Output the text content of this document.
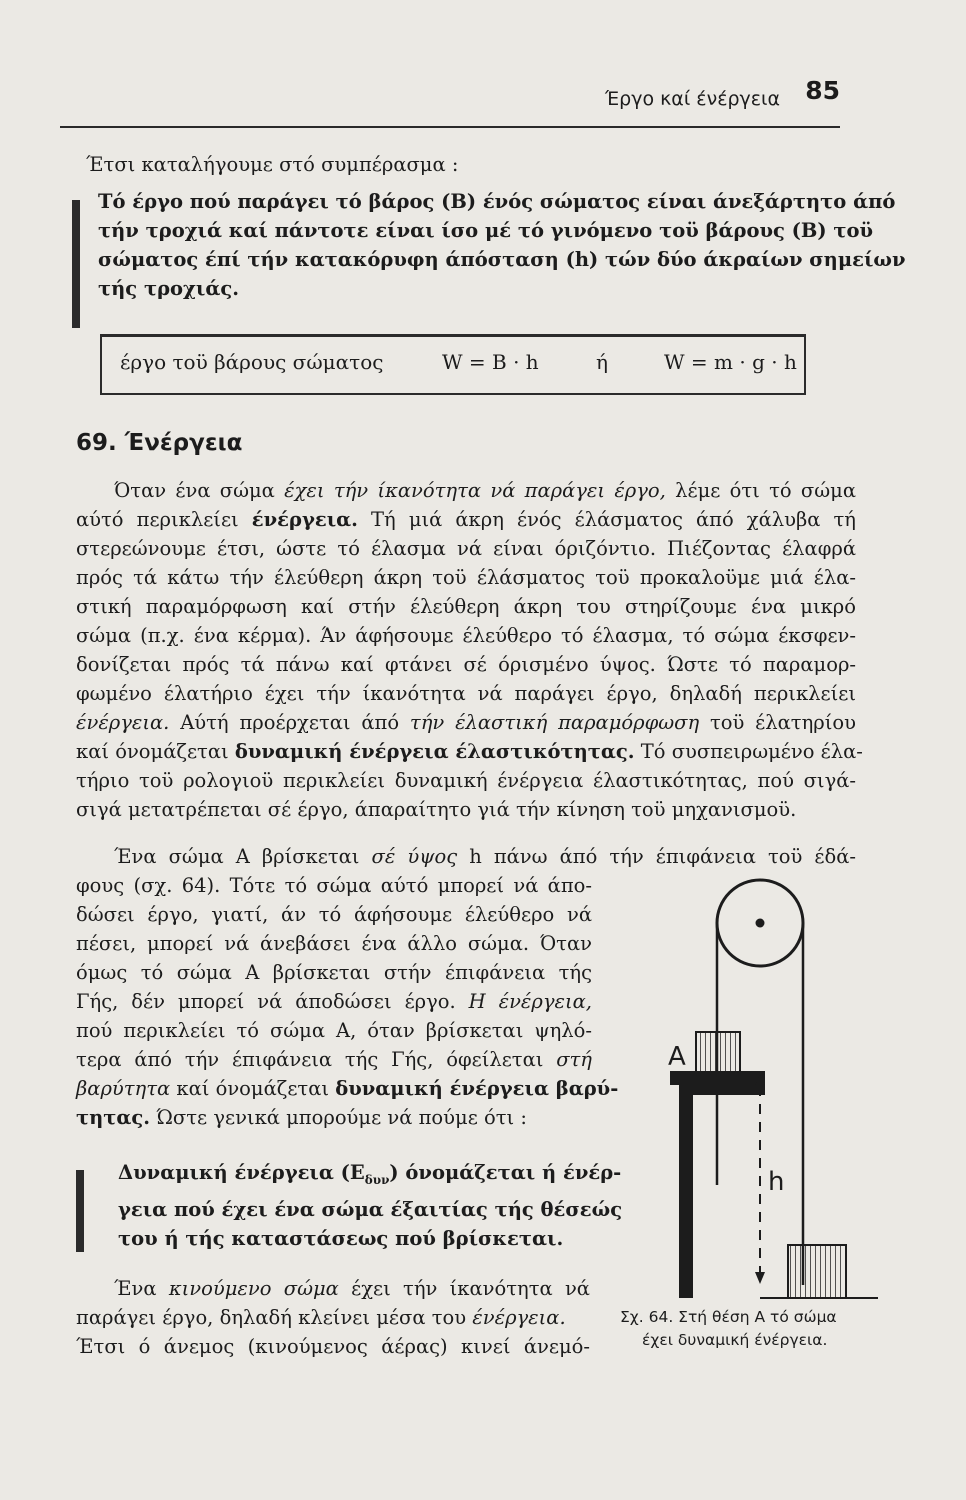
Έργο καί ένέργεια 85

Έτσι καταλήγουμε στό συμπέρασμα :

Τό έργο πού παράγει τό βάρος (Β) ένός σώματος είναι άνεξάρτητο άπό
τήν τροχιά καί πάντοτε είναι ίσο μέ τό γινόμενο τοϋ βάρους (Β) τοϋ
σώματος έπί τήν κατακόρυφη άπόσταση (h) τών δύο άκραίων σημείων
τής τροχιάς.
έργο τοϋ βάρους σώματος	W = B · h	ή	W = m · g · h
69. Ένέργεια
Όταν ένα σώμα έχει τήν ίκανότητα νά παράγει έργο, λέμε ότι τό σώμα
αύτό περικλείει ένέργεια. Τή μιά άκρη ένός έλάσματος άπό χάλυβα τή
στερεώνουμε έτσι, ώστε τό έλασμα νά είναι όριζόντιο. Πιέζοντας έλαφρά
πρός τά κάτω τήν έλεύθερη άκρη τοϋ έλάσματος τοϋ προκαλοϋμε μιά έλα-
στική παραμόρφωση καί στήν έλεύθερη άκρη του στηρίζουμε ένα μικρό
σώμα (π.χ. ένα κέρμα). Άν άφήσουμε έλεύθερο τό έλασμα, τό σώμα έκσφεν-
δονίζεται πρός τά πάνω καί φτάνει σέ όρισμένο ύψος. Ώστε τό παραμορ-
φωμένο έλατήριο έχει τήν ίκανότητα νά παράγει έργο, δηλαδή περικλείει
ένέργεια. Αύτή προέρχεται άπό τήν έλαστική παραμόρφωση τοϋ έλατηρίου
καί όνομάζεται δυναμική ένέργεια έλαστικότητας. Τό συσπειρωμένο έλα-
τήριο τοϋ ρολογιοϋ περικλείει δυναμική ένέργεια έλαστικότητας, πού σιγά-
σιγά μετατρέπεται σέ έργο, άπαραίτητο γιά τήν κίνηση τοϋ μηχανισμοϋ.
Ένα σώμα Α βρίσκεται σέ ύψος h πάνω άπό τήν έπιφάνεια τοϋ έδά-
φους (σχ. 64). Τότε τό σώμα αύτό μπορεί νά άπο-
δώσει έργο, γιατί, άν τό άφήσουμε έλεύθερο νά
πέσει, μπορεί νά άνεβάσει ένα άλλο σώμα. Όταν
όμως τό σώμα Α βρίσκεται στήν έπιφάνεια τής
Γής, δέν μπορεί νά άποδώσει έργο. Η ένέργεια,
πού περικλείει τό σώμα Α, όταν βρίσκεται ψηλό-
τερα άπό τήν έπιφάνεια τής Γής, όφείλεται στή
βαρύτητα καί όνομάζεται δυναμική ένέργεια βαρύ-
τητας. Ώστε γενικά μπορούμε νά πούμε ότι :
Δυναμική ένέργεια $(E_{\delta\upsilon\nu})$ όνομάζεται ή ένέρ-
γεια πού έχει ένα σώμα έξαιτίας τής θέσεώς
του ή τής καταστάσεως πού βρίσκεται.
Ένα κινούμενο σώμα έχει τήν ίκανότητα νά
παράγει έργο, δηλαδή κλείνει μέσα του ένέργεια.
Έτσι ό άνεμος (κινούμενος άέρας) κινεί άνεμό-
Α
h
Σχ. 64. Στή θέση Α τό σώμα
έχει δυναμική ένέργεια.
